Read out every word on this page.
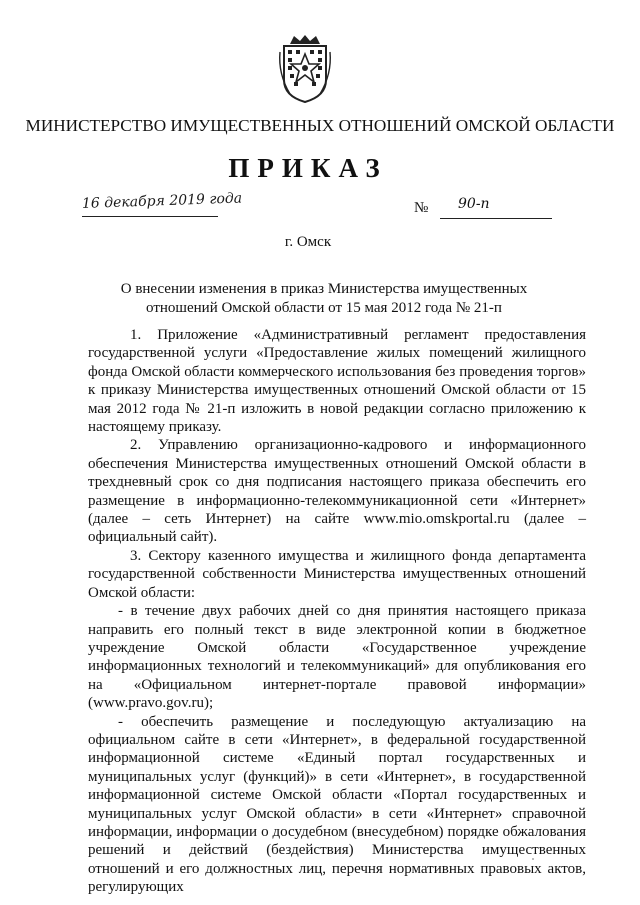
МИНИСТЕРСТВО ИМУЩЕСТВЕННЫХ ОТНОШЕНИЙ ОМСКОЙ ОБЛАСТИ
ПРИКАЗ
16 декабря 2019 года	№ 90-п
г. Омск
О внесении изменения в приказ Министерства имущественных отношений Омской области от 15 мая 2012 года № 21-п

1. Приложение «Административный регламент предоставления государственной услуги «Предоставление жилых помещений жилищного фонда Омской области коммерческого использования без проведения торгов» к приказу Министерства имущественных отношений Омской области от 15 мая 2012 года № 21-п изложить в новой редакции согласно приложению к настоящему приказу.

2. Управлению организационно-кадрового и информационного обеспечения Министерства имущественных отношений Омской области в трехдневный срок со дня подписания настоящего приказа обеспечить его размещение в информационно-телекоммуникационной сети «Интернет» (далее – сеть Интернет) на сайте www.mio.omskportal.ru (далее – официальный сайт).

3. Сектору казенного имущества и жилищного фонда департамента государственной собственности Министерства имущественных отношений Омской области:

- в течение двух рабочих дней со дня принятия настоящего приказа направить его полный текст в виде электронной копии в бюджетное учреждение Омской области «Государственное учреждение информационных технологий и телекоммуникаций» для опубликования его на «Официальном интернет-портале правовой информации» (www.pravo.gov.ru);

- обеспечить размещение и последующую актуализацию на официальном сайте в сети «Интернет», в федеральной государственной информационной системе «Единый портал государственных и муниципальных услуг (функций)» в сети «Интернет», в государственной информационной системе Омской области «Портал государственных и муниципальных услуг Омской области» в сети «Интернет» справочной информации, информации о досудебном (внесудебном) порядке обжалования решений и действий (бездействия) Министерства имущественных отношений и его должностных лиц, перечня нормативных правовых актов, регулирующих
